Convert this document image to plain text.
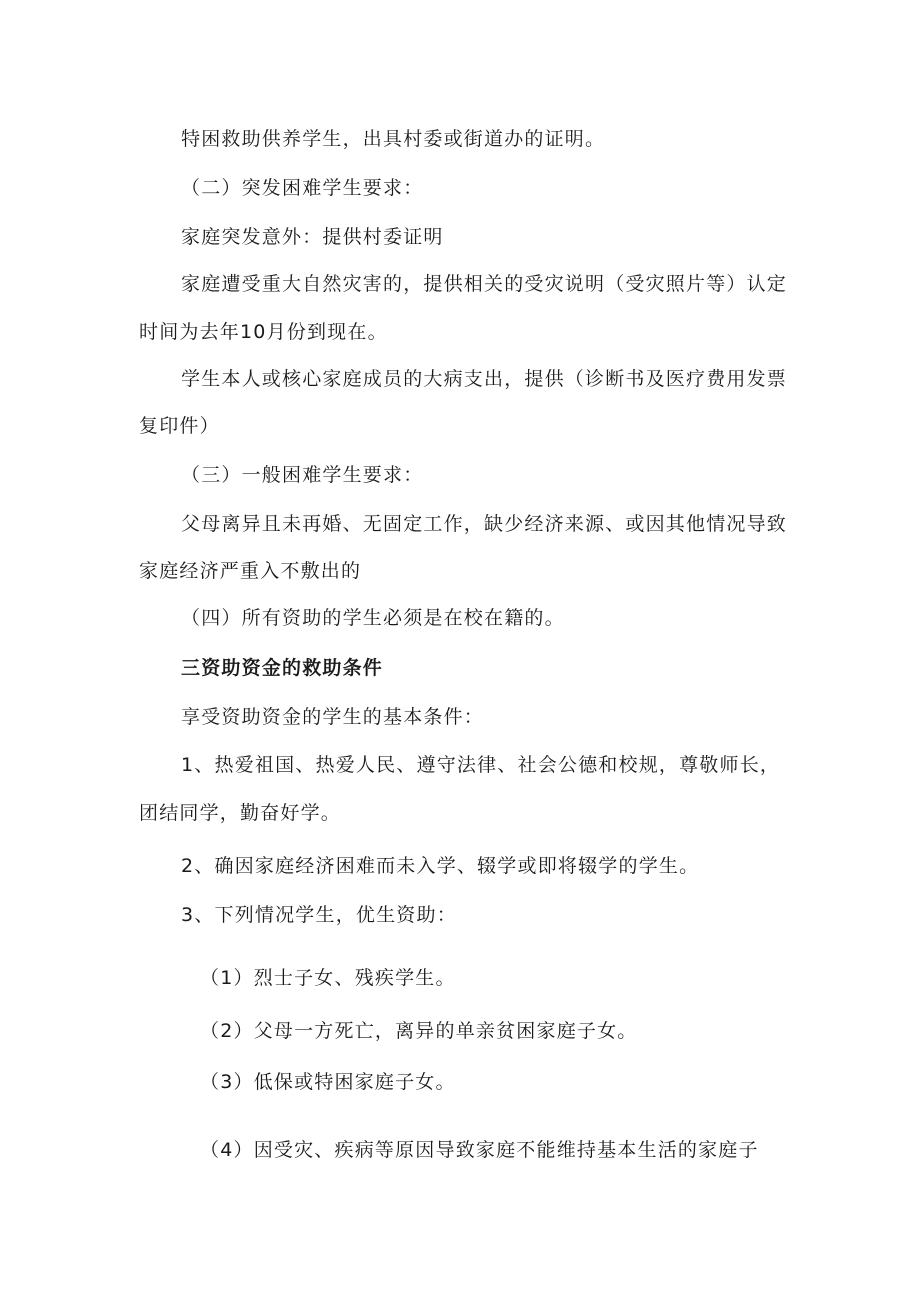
特困救助供养学生，出具村委或街道办的证明。
（二）突发困难学生要求：
家庭突发意外：提供村委证明
家庭遭受重大自然灾害的，提供相关的受灾说明（受灾照片等）认定
时间为去年10月份到现在。
学生本人或核心家庭成员的大病支出，提供（诊断书及医疗费用发票
复印件）
（三）一般困难学生要求：
父母离异且未再婚、无固定工作，缺少经济来源、或因其他情况导致
家庭经济严重入不敷出的
（四）所有资助的学生必须是在校在籍的。
三资助资金的救助条件
享受资助资金的学生的基本条件：
1、热爱祖国、热爱人民、遵守法律、社会公德和校规，尊敬师长，
团结同学，勤奋好学。
2、确因家庭经济困难而未入学、辍学或即将辍学的学生。
3、下列情况学生，优生资助：
（1）烈士子女、残疾学生。
（2）父母一方死亡，离异的单亲贫困家庭子女。
（3）低保或特困家庭子女。
（4）因受灾、疾病等原因导致家庭不能维持基本生活的家庭子
